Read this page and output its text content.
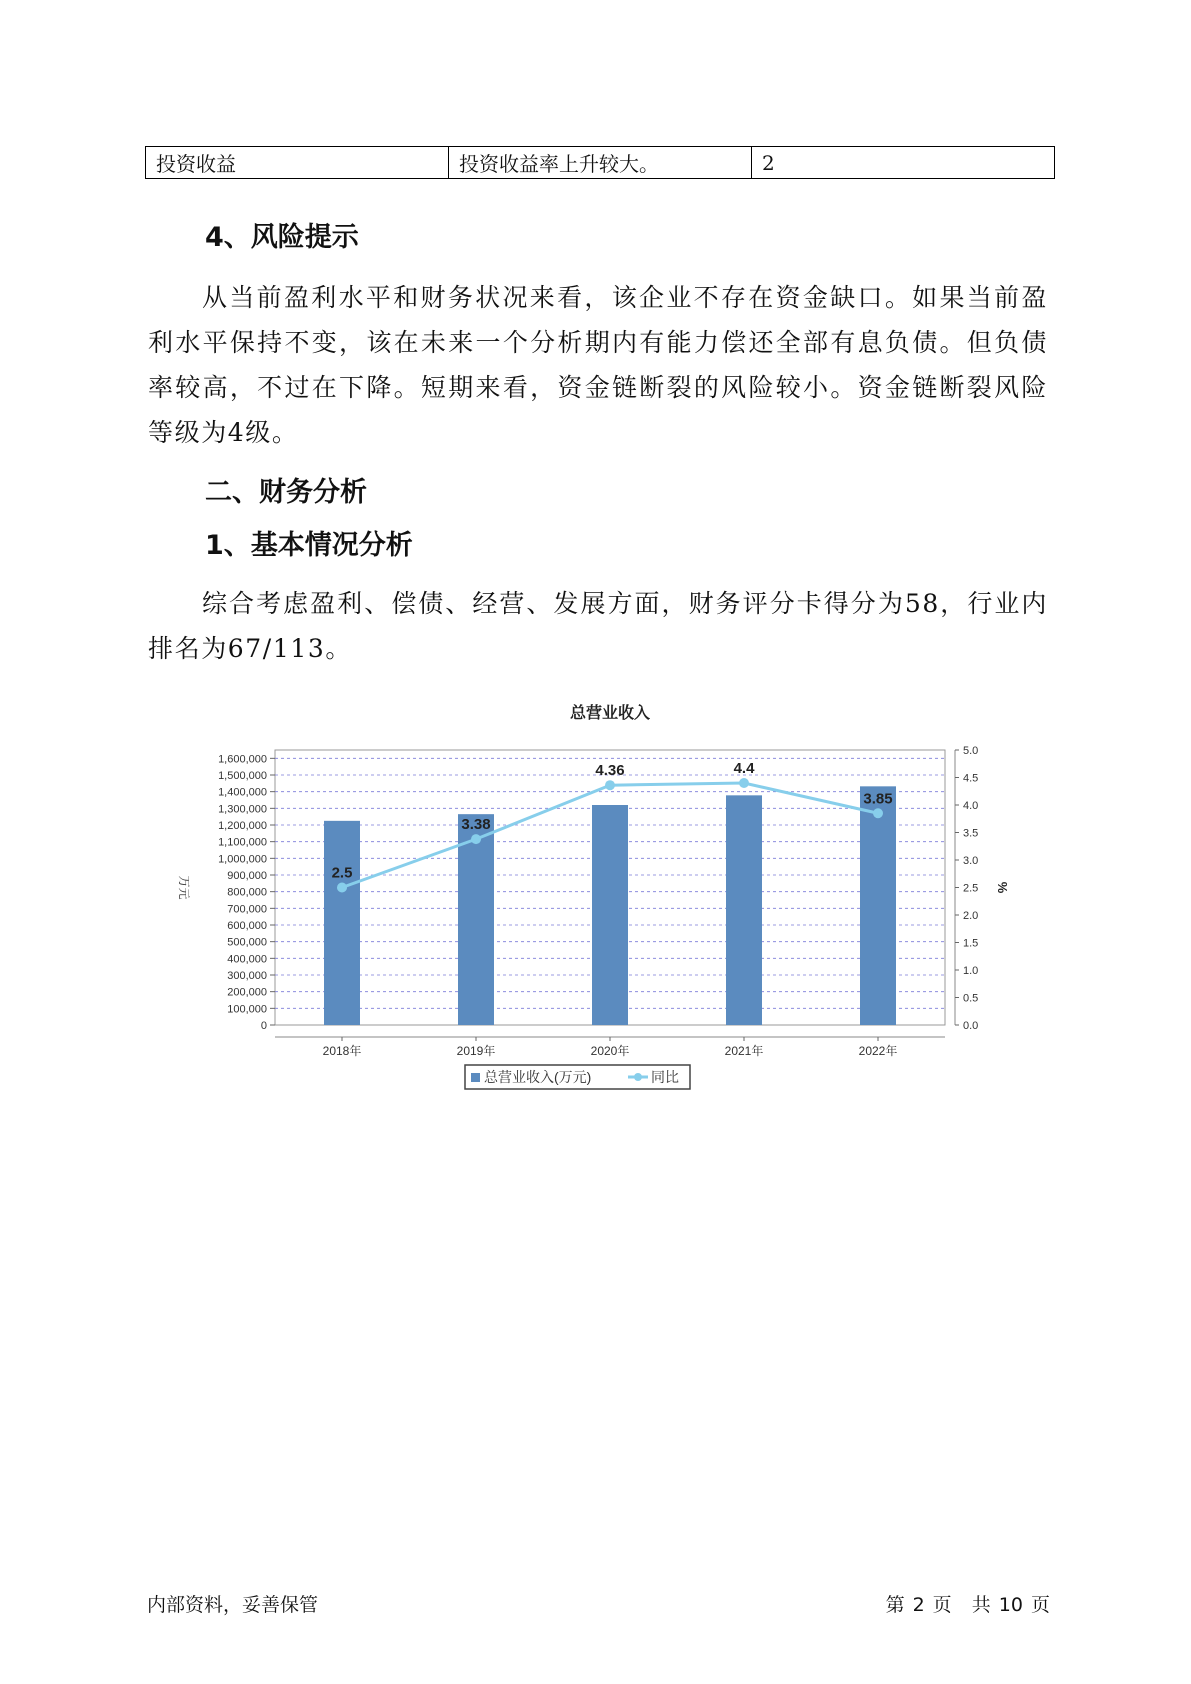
投资收益	投资收益率上升较大。	2
4、风险提示

从当前盈利水平和财务状况来看，该企业不存在资金缺口。如果当前盈利水平保持不变，该在未来一个分析期内有能力偿还全部有息负债。但负债率较高，不过在下降。短期来看，资金链断裂的风险较小。资金链断裂风险等级为4级。

二、财务分析
1、基本情况分析

综合考虑盈利、偿债、经营、发展方面，财务评分卡得分为58，行业内排名为67/113。

总营业收入
0
100,000
200,000
300,000
400,000
500,000
600,000
700,000
800,000
900,000
1,000,000
1,100,000
1,200,000
1,300,000
1,400,000
1,500,000
1,600,000
0.0
0.5
1.0
1.5
2.0
2.5
3.0
3.5
4.0
4.5
5.0
万元	%
2018年	2019年	2020年	2021年	2022年
2.5
3.38
4.36	4.4
3.85
总营业收入(万元)	同比
内部资料，妥善保管	第 2 页 共 10 页
